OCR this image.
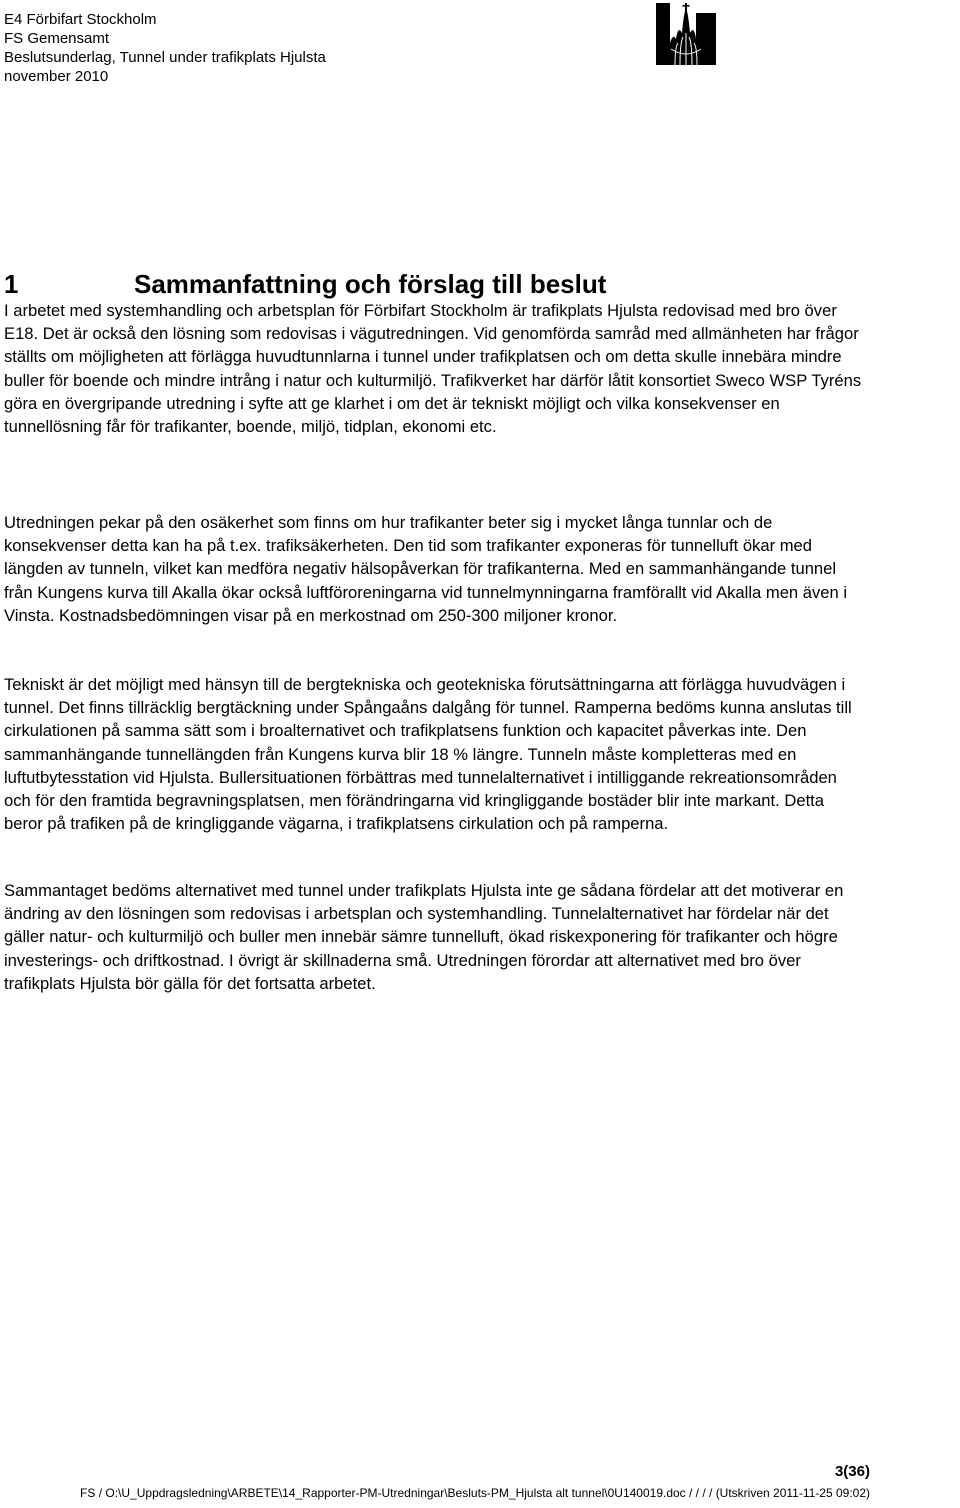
E4 Förbifart Stockholm
FS Gemensamt
Beslutsunderlag, Tunnel under trafikplats Hjulsta
november 2010
1	Sammanfattning och förslag till beslut

I arbetet med systemhandling och arbetsplan för Förbifart Stockholm är trafikplats Hjulsta redovisad med bro över E18. Det är också den lösning som redovisas i vägutredningen. Vid genomförda samråd med allmänheten har frågor ställts om möjligheten att förlägga huvudtunnlarna i tunnel under trafikplatsen och om detta skulle innebära mindre buller för boende och mindre intrång i natur och kulturmiljö. Trafikverket har därför låtit konsortiet Sweco WSP Tyréns göra en övergripande utredning i syfte att ge klarhet i om det är tekniskt möjligt och vilka konsekvenser en tunnellösning får för trafikanter, boende, miljö, tidplan, ekonomi etc.

Utredningen pekar på den osäkerhet som finns om hur trafikanter beter sig i mycket långa tunnlar och de konsekvenser detta kan ha på t.ex. trafiksäkerheten. Den tid som trafikanter exponeras för tunnelluft ökar med längden av tunneln, vilket kan medföra negativ hälsopåverkan för trafikanterna. Med en sammanhängande tunnel från Kungens kurva till Akalla ökar också luftföroreningarna vid tunnelmynningarna framförallt vid Akalla men även i Vinsta. Kostnadsbedömningen visar på en merkostnad om 250-300 miljoner kronor.

Tekniskt är det möjligt med hänsyn till de bergtekniska och geotekniska förutsättningarna att förlägga huvudvägen i tunnel. Det finns tillräcklig bergtäckning under Spångaåns dalgång för tunnel. Ramperna bedöms kunna anslutas till cirkulationen på samma sätt som i broalternativet och trafikplatsens funktion och kapacitet påverkas inte. Den sammanhängande tunnellängden från Kungens kurva blir 18 % längre. Tunneln måste kompletteras med en luftutbytesstation vid Hjulsta. Bullersituationen förbättras med tunnelalternativet i intilliggande rekreationsområden och för den framtida begravningsplatsen, men förändringarna vid kringliggande bostäder blir inte markant. Detta beror på trafiken på de kringliggande vägarna, i trafikplatsens cirkulation och på ramperna.

Sammantaget bedöms alternativet med tunnel under trafikplats Hjulsta inte ge sådana fördelar att det motiverar en ändring av den lösningen som redovisas i arbetsplan och systemhandling. Tunnelalternativet har fördelar när det gäller natur- och kulturmiljö och buller men innebär sämre tunnelluft, ökad riskexponering för trafikanter och högre investerings- och driftkostnad. I övrigt är skillnaderna små. Utredningen förordar att alternativet med bro över trafikplats Hjulsta bör gälla för det fortsatta arbetet.

3(36)
FS / O:\U_Uppdragsledning\ARBETE\14_Rapporter-PM-Utredningar\Besluts-PM_Hjulsta alt tunnel\0U140019.doc / / / / (Utskriven 2011-11-25 09:02)
